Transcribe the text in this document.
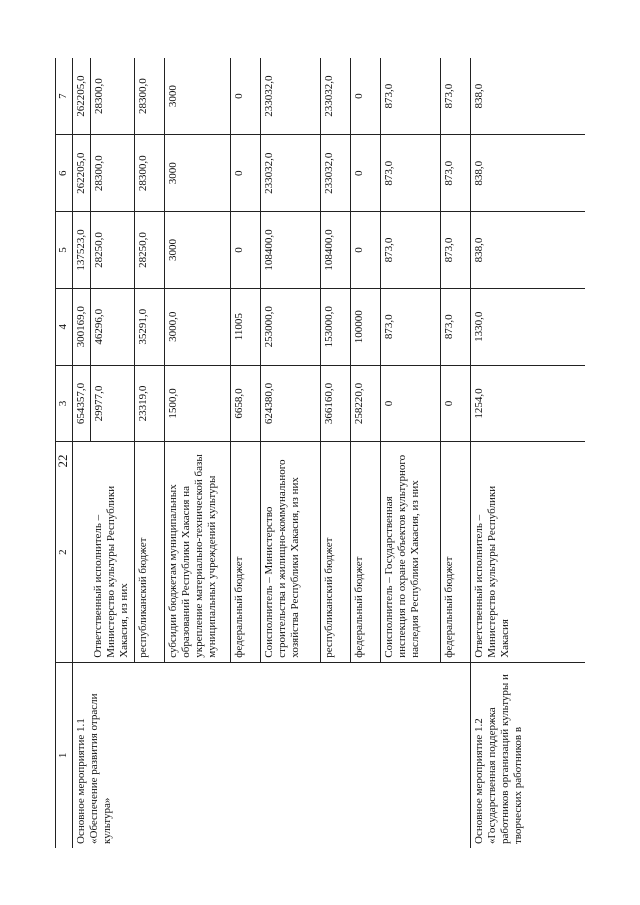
22
1	2	3	4	5	6	7
Основное мероприятие 1.1 «Обеспечение развития отрасли культура»		654357,0	300169,0	137523,0	262205,0	262205,0
	Ответственный исполнитель – Министерство культуры Республики Хакасия, из них	29977,0	46296,0	28250,0	28300,0	28300,0
	республиканский бюджет	23319,0	35291,0	28250,0	28300,0	28300,0
	субсидии бюджетам муниципальных образований Республики Хакасия на укрепление материально-технической базы муниципальных учреждений культуры	1500,0	3000,0	3000	3000	3000
	федеральный бюджет	6658,0	11005	0	0	0
	Соисполнитель – Министерство строительства и жилищно-коммунального хозяйства Республики Хакасия, из них	624380,0	253000,0	108400,0	233032,0	233032,0
	республиканский бюджет	366160,0	153000,0	108400,0	233032,0	233032,0
	федеральный бюджет	258220,0	100000	0	0	0
	Соисполнитель – Государственная инспекция по охране объектов культурного наследия Республики Хакасия, из них	0	873,0	873,0	873,0	873,0
	федеральный бюджет	0	873,0	873,0	873,0	873,0
Основное мероприятие 1.2 «Государственная поддержка работников организаций культуры и творческих работников в	Ответственный исполнитель – Министерство культуры Республики Хакасия	1254,0	1330,0	838,0	838,0	838,0
